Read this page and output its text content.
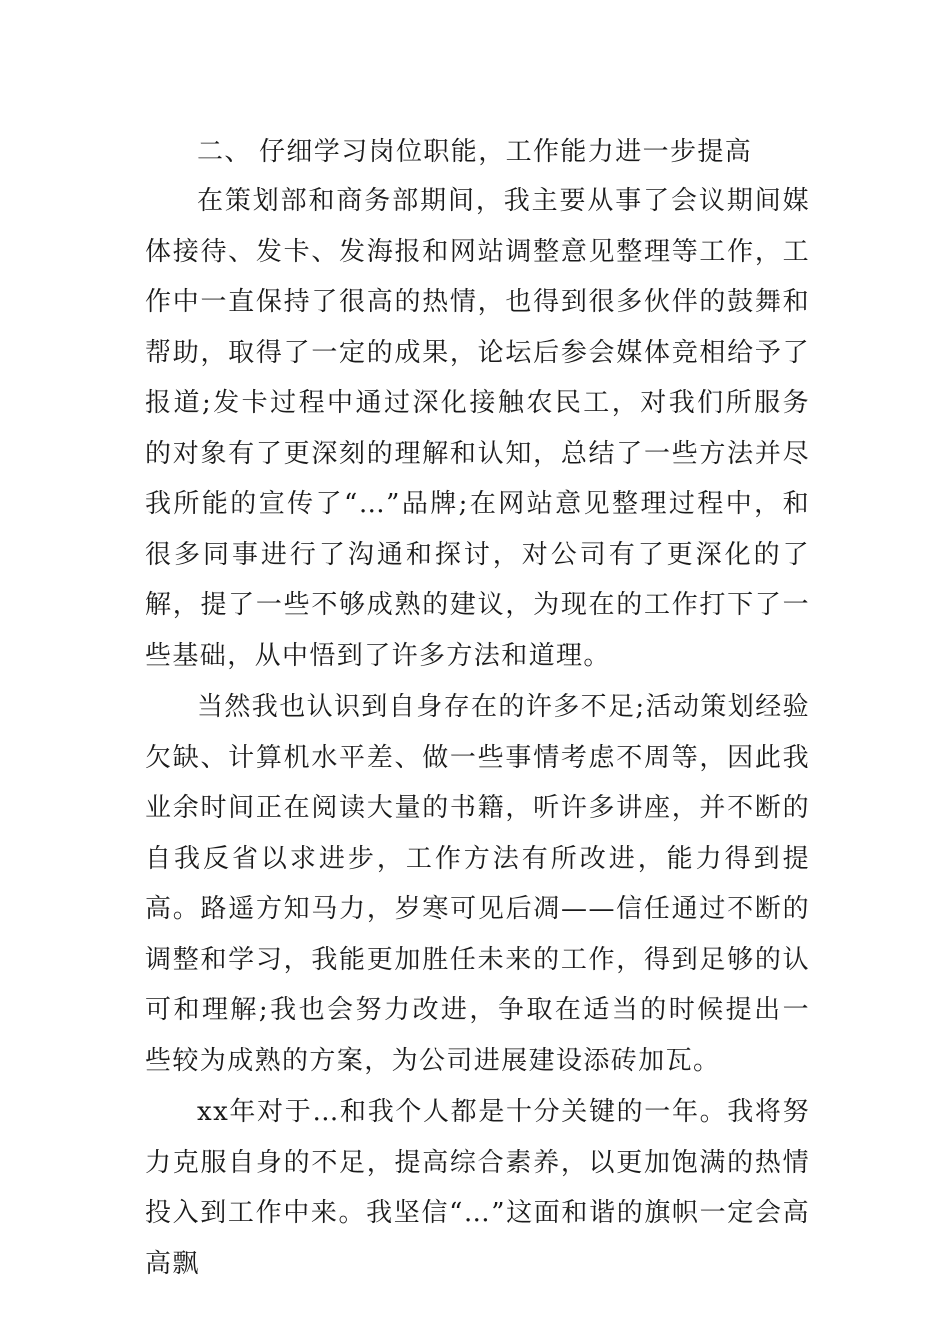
二、 仔细学习岗位职能，工作能力进一步提高

在策划部和商务部期间，我主要从事了会议期间媒体接待、发卡、发海报和网站调整意见整理等工作，工作中一直保持了很高的热情，也得到很多伙伴的鼓舞和帮助，取得了一定的成果，论坛后参会媒体竞相给予了报道;发卡过程中通过深化接触农民工，对我们所服务的对象有了更深刻的理解和认知，总结了一些方法并尽我所能的宣传了“…”品牌;在网站意见整理过程中，和很多同事进行了沟通和探讨，对公司有了更深化的了解，提了一些不够成熟的建议，为现在的工作打下了一些基础，从中悟到了许多方法和道理。

当然我也认识到自身存在的许多不足;活动策划经验欠缺、计算机水平差、做一些事情考虑不周等，因此我业余时间正在阅读大量的书籍，听许多讲座，并不断的自我反省以求进步，工作方法有所改进，能力得到提高。路遥方知马力，岁寒可见后凋——信任通过不断的调整和学习，我能更加胜任未来的工作，得到足够的认可和理解;我也会努力改进，争取在适当的时候提出一些较为成熟的方案，为公司进展建设添砖加瓦。

xx年对于…和我个人都是十分关键的一年。我将努力克服自身的不足，提高综合素养，以更加饱满的热情投入到工作中来。我坚信“…”这面和谐的旗帜一定会高高飘
